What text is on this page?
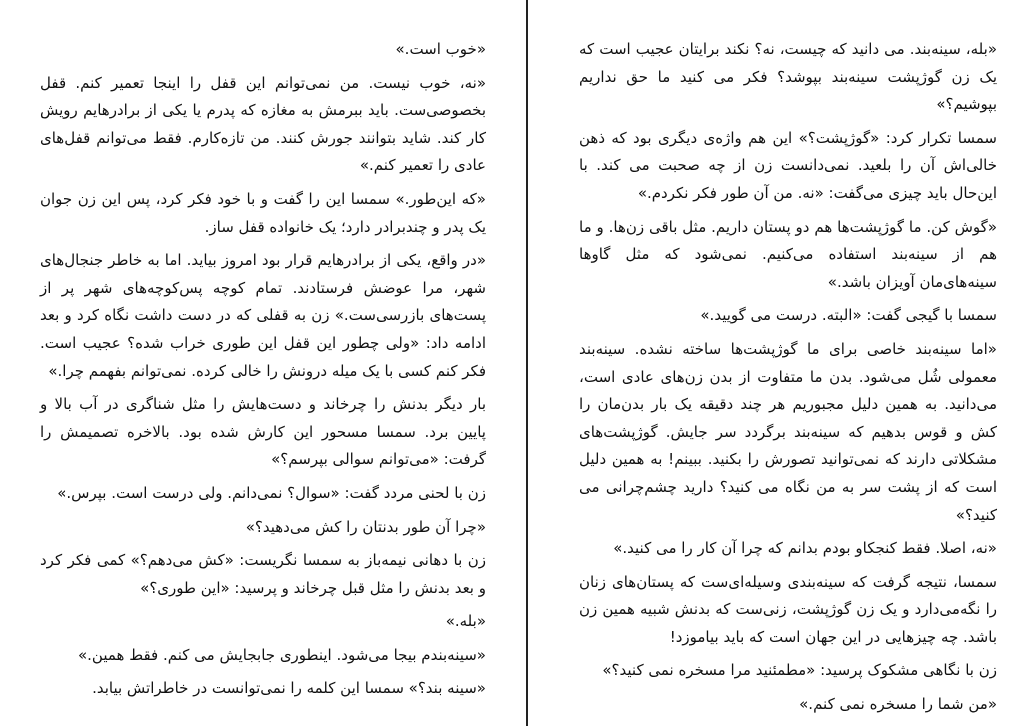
«خوب است.»

«نه، خوب نیست. من نمی‌توانم این قفل را اینجا تعمیر کنم. قفل بخصوصی‌ست. باید ببرمش به مغازه که پدرم یا یکی از برادرهایم رویش کار کند. شاید بتوانند جورش کنند. من تازه‌کارم. فقط می‌توانم قفل‌های عادی را تعمیر کنم.»

«که این‌طور.» سمسا این را گفت و با خود فکر کرد، پس این زن جوان یک پدر و چندبرادر دارد؛ یک خانواده قفل ساز.

«در واقع، یکی از برادرهایم قرار بود امروز بیاید. اما به خاطر جنجال‌های شهر، مرا عوضش فرستادند. تمام کوچه پس‌کوچه‌های شهر پر از پست‌های بازرسی‌ست.» زن به قفلی که در دست داشت نگاه کرد و بعد ادامه داد: «ولی چطور این قفل این طوری خراب شده؟ عجیب است. فکر کنم کسی با یک میله درونش را خالی کرده. نمی‌توانم بفهمم چرا.»

بار دیگر بدنش را چرخاند و دست‌هایش را مثل شناگری در آب بالا و پایین برد. سمسا مسحور این کارش شده بود. بالاخره تصمیمش را گرفت: «می‌توانم سوالی بپرسم؟»

زن با لحنی مردد گفت: «سوال؟ نمی‌دانم. ولی درست است. بپرس.»

«چرا آن طور بدنتان را کش می‌دهید؟»

زن با دهانی نیمه‌باز به سمسا نگریست: «کش می‌دهم؟» کمی فکر کرد و بعد بدنش را مثل قبل چرخاند و پرسید: «این طوری؟»

«بله.»

«سینه‌بندم بیجا می‌شود. اینطوری جابجایش می کنم. فقط همین.»

«سینه بند؟» سمسا این کلمه را نمی‌توانست در خاطراتش بیابد.

«بله، سینه‌بند. می دانید که چیست، نه؟ نکند برایتان عجیب است که یک زن گوژپشت سینه‌بند بپوشد؟ فکر می کنید ما حق نداریم بپوشیم؟»

سمسا تکرار کرد: «گوژپشت؟» این هم واژه‌ی دیگری بود که ذهن خالی‌اش آن را بلعید. نمی‌دانست زن از چه صحبت می کند. با این‌حال باید چیزی می‌گفت: «نه. من آن طور فکر نکردم.»

«گوش کن. ما گوژپشت‌ها هم دو پستان داریم. مثل باقی زن‌ها. و ما هم از سینه‌بند استفاده می‌کنیم. نمی‌شود که مثل گاوها سینه‌های‌مان آویزان باشد.»

سمسا با گیجی گفت: «البته. درست می گویید.»

«اما سینه‌بند خاصی برای ما گوژپشت‌ها ساخته نشده. سینه‌بند معمولی شُل می‌شود. بدن ما متفاوت از بدن زن‌های عادی است، می‌دانید. به همین دلیل مجبوریم هر چند دقیقه یک بار بدن‌مان را کش و قوس بدهیم که سینه‌بند برگردد سر جایش. گوژپشت‌های مشکلاتی دارند که نمی‌توانید تصورش را بکنید. ببینم! به همین دلیل است که از پشت سر به من نگاه می کنید؟ دارید چشم‌چرانی می کنید؟»

«نه، اصلا. فقط کنجکاو بودم بدانم که چرا آن کار را می کنید.»

سمسا، نتیجه گرفت که سینه‌بندی وسیله‌ای‌ست که پستان‌های زنان را نگه‌می‌دارد و یک زن گوژپشت، زنی‌ست که بدنش شبیه همین زن باشد. چه چیزهایی در این جهان است که باید بیاموزد!

زن با نگاهی مشکوک پرسید: «مطمئنید مرا مسخره نمی کنید؟»

«من شما را مسخره نمی کنم.»
